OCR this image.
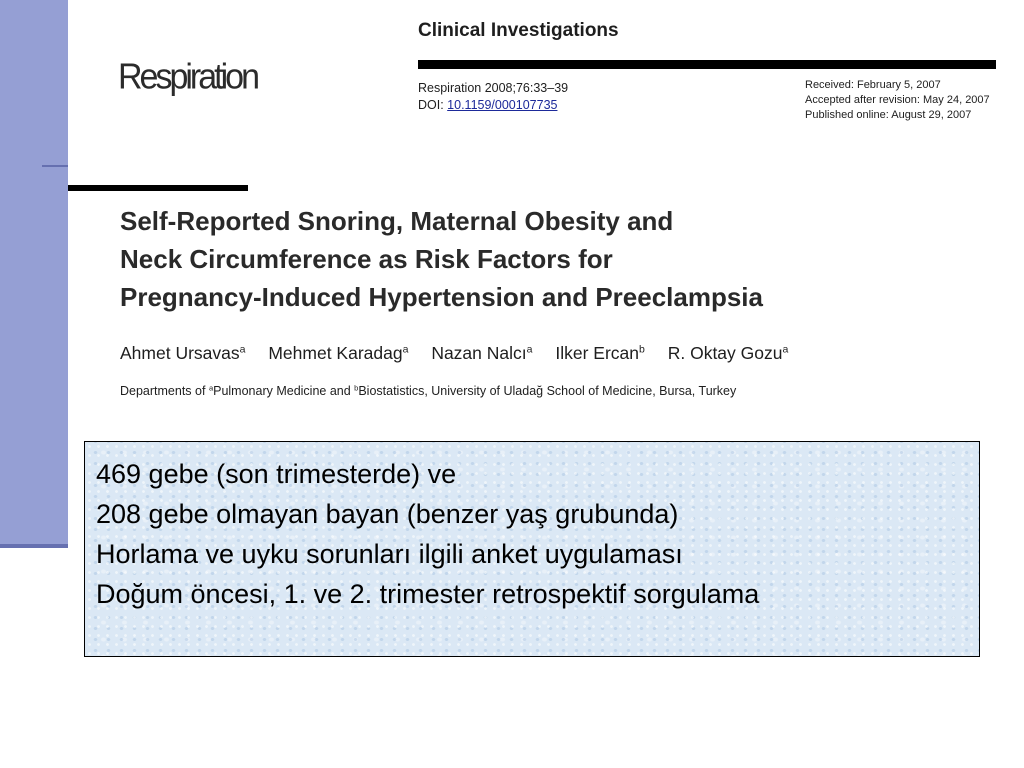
Respiration
Clinical Investigations
Respiration 2008;76:33–39
DOI: 10.1159/000107735
Received: February 5, 2007
Accepted after revision: May 24, 2007
Published online: August 29, 2007
Self-Reported Snoring, Maternal Obesity and
Neck Circumference as Risk Factors for
Pregnancy-Induced Hypertension and Preeclampsia
Ahmet Ursavas$^a$ Mehmet Karadag$^a$ Nazan Nalcı$^a$ Ilker Ercan$^b$ R. Oktay Gozu$^a$
Departments of $^a$Pulmonary Medicine and $^b$Biostatistics, University of Uladağ School of Medicine, Bursa, Turkey
469 gebe (son trimesterde) ve
208 gebe olmayan bayan (benzer yaş grubunda)
Horlama ve uyku sorunları ilgili anket uygulaması
Doğum öncesi, 1. ve 2. trimester retrospektif sorgulama
